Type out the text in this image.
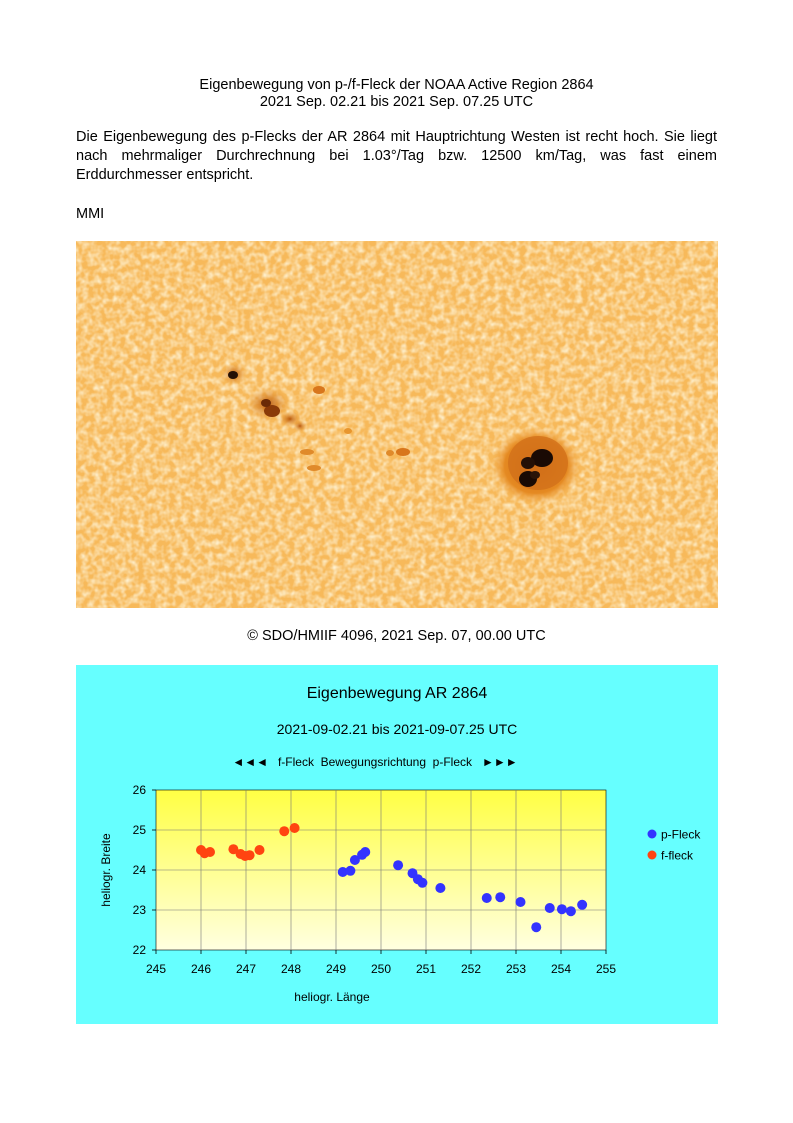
Eigenbewegung von p-/f-Fleck der NOAA Active Region 2864
2021 Sep. 02.21 bis 2021 Sep. 07.25 UTC
Die Eigenbewegung des p-Flecks der AR 2864 mit Hauptrichtung Westen ist recht hoch. Sie liegt nach mehrmaliger Durchrechnung bei 1.03°/Tag bzw. 12500 km/Tag, was fast einem Erddurchmesser entspricht.
MMI
© SDO/HMIIF 4096, 2021 Sep. 07, 00.00 UTC
Eigenbewegung AR 2864
2021-09-02.21 bis 2021-09-07.25 UTC
◄◄◄   f-Fleck  Bewegungsrichtung  p-Fleck   ►►►
245 246 247 248 249 250 251 252 253 254 255
22
23
24
25
26
heliogr. Länge
heliogr. Breite	p-Fleck
f-fleck
